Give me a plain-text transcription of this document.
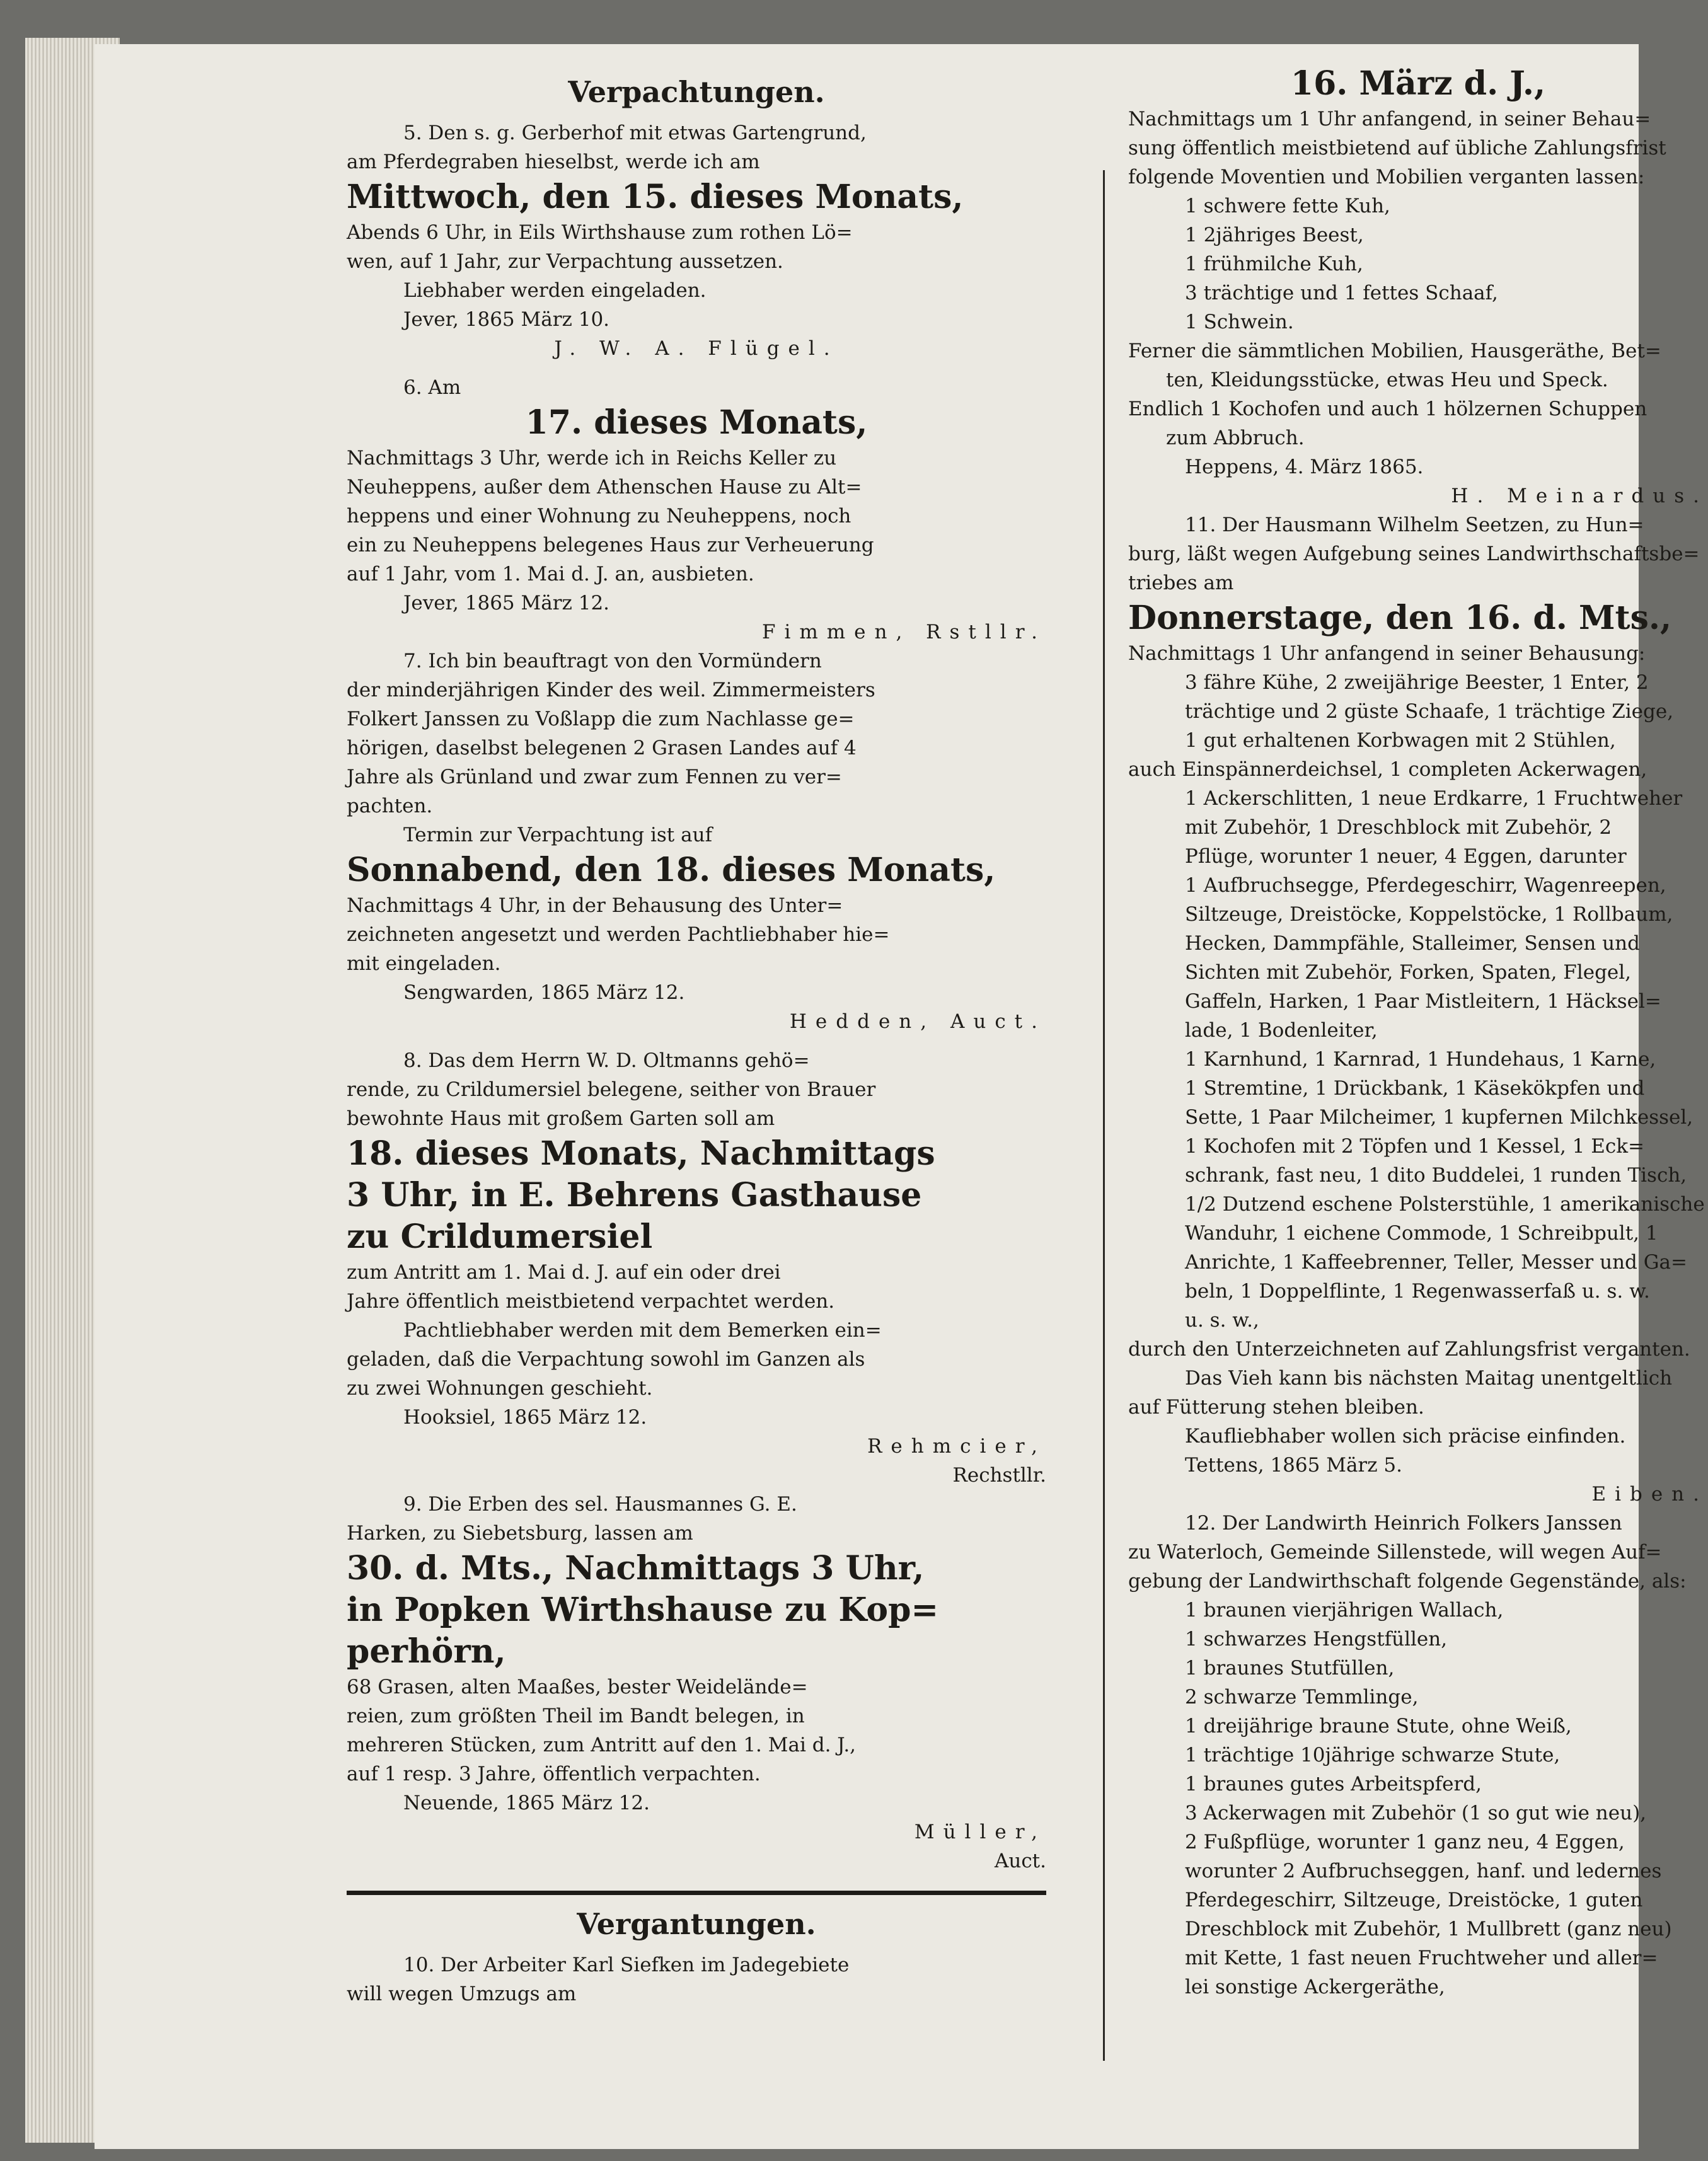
Verpachtungen.
5. Den s. g. Gerberhof mit etwas Gartengrund,
am Pferdegraben hieselbst, werde ich am
Mittwoch, den 15. dieses Monats,
Abends 6 Uhr, in Eils Wirthshause zum rothen Lö=
wen, auf 1 Jahr, zur Verpachtung aussetzen.
Liebhaber werden eingeladen.
Jever, 1865 März 10.
J. W. A. Flügel.
6. Am
17. dieses Monats,
Nachmittags 3 Uhr, werde ich in Reichs Keller zu
Neuheppens, außer dem Athenschen Hause zu Alt=
heppens und einer Wohnung zu Neuheppens, noch
ein zu Neuheppens belegenes Haus zur Verheuerung
auf 1 Jahr, vom 1. Mai d. J. an, ausbieten.
Jever, 1865 März 12.
Fimmen, Rstllr.
7. Ich bin beauftragt von den Vormündern
der minderjährigen Kinder des weil. Zimmermeisters
Folkert Janssen zu Voßlapp die zum Nachlasse ge=
hörigen, daselbst belegenen 2 Grasen Landes auf 4
Jahre als Grünland und zwar zum Fennen zu ver=
pachten.
Termin zur Verpachtung ist auf
Sonnabend, den 18. dieses Monats,
Nachmittags 4 Uhr, in der Behausung des Unter=
zeichneten angesetzt und werden Pachtliebhaber hie=
mit eingeladen.
Sengwarden, 1865 März 12.
Hedden, Auct.
8. Das dem Herrn W. D. Oltmanns gehö=
rende, zu Crildumersiel belegene, seither von Brauer
bewohnte Haus mit großem Garten soll am
18. dieses Monats, Nachmittags
3 Uhr, in E. Behrens Gasthause
zu Crildumersiel
zum Antritt am 1. Mai d. J. auf ein oder drei
Jahre öffentlich meistbietend verpachtet werden.
Pachtliebhaber werden mit dem Bemerken ein=
geladen, daß die Verpachtung sowohl im Ganzen als
zu zwei Wohnungen geschieht.
Hooksiel, 1865 März 12.
Rehmcier,
Rechstllr.
9. Die Erben des sel. Hausmannes G. E.
Harken, zu Siebetsburg, lassen am
30. d. Mts., Nachmittags 3 Uhr,
in Popken Wirthshause zu Kop=
perhörn,
68 Grasen, alten Maaßes, bester Weidelände=
reien, zum größten Theil im Bandt belegen, in
mehreren Stücken, zum Antritt auf den 1. Mai d. J.,
auf 1 resp. 3 Jahre, öffentlich verpachten.
Neuende, 1865 März 12.
Müller,
Auct.
Vergantungen.
10. Der Arbeiter Karl Siefken im Jadegebiete
will wegen Umzugs am
16. März d. J.,
Nachmittags um 1 Uhr anfangend, in seiner Behau=
sung öffentlich meistbietend auf übliche Zahlungsfrist
folgende Moventien und Mobilien verganten lassen:
1 schwere fette Kuh,
1 2jähriges Beest,
1 frühmilche Kuh,
3 trächtige und 1 fettes Schaaf,
1 Schwein.
Ferner die sämmtlichen Mobilien, Hausgeräthe, Bet=
ten, Kleidungsstücke, etwas Heu und Speck.
Endlich 1 Kochofen und auch 1 hölzernen Schuppen
zum Abbruch.
Heppens, 4. März 1865.
H. Meinardus.
11. Der Hausmann Wilhelm Seetzen, zu Hun=
burg, läßt wegen Aufgebung seines Landwirthschaftsbe=
triebes am
Donnerstage, den 16. d. Mts.,
Nachmittags 1 Uhr anfangend in seiner Behausung:
3 fähre Kühe, 2 zweijährige Beester, 1 Enter, 2
trächtige und 2 güste Schaafe, 1 trächtige Ziege,
1 gut erhaltenen Korbwagen mit 2 Stühlen,
auch Einspännerdeichsel, 1 completen Ackerwagen,
1 Ackerschlitten, 1 neue Erdkarre, 1 Fruchtweher
mit Zubehör, 1 Dreschblock mit Zubehör, 2
Pflüge, worunter 1 neuer, 4 Eggen, darunter
1 Aufbruchsegge, Pferdegeschirr, Wagenreepen,
Siltzeuge, Dreistöcke, Koppelstöcke, 1 Rollbaum,
Hecken, Dammpfähle, Stalleimer, Sensen und
Sichten mit Zubehör, Forken, Spaten, Flegel,
Gaffeln, Harken, 1 Paar Mistleitern, 1 Häcksel=
lade, 1 Bodenleiter,
1 Karnhund, 1 Karnrad, 1 Hundehaus, 1 Karne,
1 Stremtine, 1 Drückbank, 1 Käsekökpfen und
Sette, 1 Paar Milcheimer, 1 kupfernen Milchkessel,
1 Kochofen mit 2 Töpfen und 1 Kessel, 1 Eck=
schrank, fast neu, 1 dito Buddelei, 1 runden Tisch,
1/2 Dutzend eschene Polsterstühle, 1 amerikanische
Wanduhr, 1 eichene Commode, 1 Schreibpult, 1
Anrichte, 1 Kaffeebrenner, Teller, Messer und Ga=
beln, 1 Doppelflinte, 1 Regenwasserfaß u. s. w.
u. s. w.,
durch den Unterzeichneten auf Zahlungsfrist verganten.
Das Vieh kann bis nächsten Maitag unentgeltlich
auf Fütterung stehen bleiben.
Kaufliebhaber wollen sich präcise einfinden.
Tettens, 1865 März 5.
Eiben.
12. Der Landwirth Heinrich Folkers Janssen
zu Waterloch, Gemeinde Sillenstede, will wegen Auf=
gebung der Landwirthschaft folgende Gegenstände, als:
1 braunen vierjährigen Wallach,
1 schwarzes Hengstfüllen,
1 braunes Stutfüllen,
2 schwarze Temmlinge,
1 dreijährige braune Stute, ohne Weiß,
1 trächtige 10jährige schwarze Stute,
1 braunes gutes Arbeitspferd,
3 Ackerwagen mit Zubehör (1 so gut wie neu),
2 Fußpflüge, worunter 1 ganz neu, 4 Eggen,
worunter 2 Aufbruchseggen, hanf. und ledernes
Pferdegeschirr, Siltzeuge, Dreistöcke, 1 guten
Dreschblock mit Zubehör, 1 Mullbrett (ganz neu)
mit Kette, 1 fast neuen Fruchtweher und aller=
lei sonstige Ackergeräthe,
